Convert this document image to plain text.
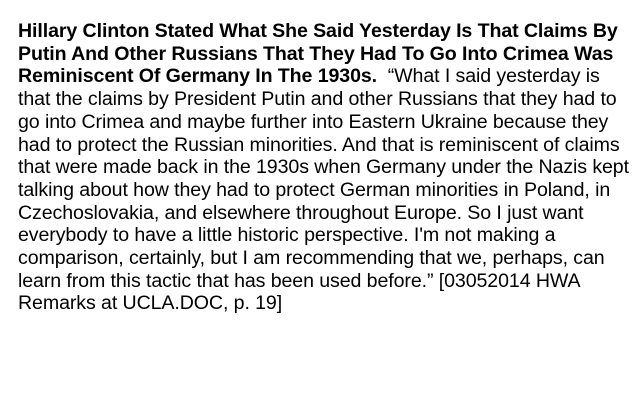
Hillary Clinton Stated What She Said Yesterday Is That Claims By Putin And Other Russians That They Had To Go Into Crimea Was Reminiscent Of Germany In The 1930s. “What I said yesterday is that the claims by President Putin and other Russians that they had to go into Crimea and maybe further into Eastern Ukraine because they had to protect the Russian minorities. And that is reminiscent of claims that were made back in the 1930s when Germany under the Nazis kept talking about how they had to protect German minorities in Poland, in Czechoslovakia, and elsewhere throughout Europe. So I just want everybody to have a little historic perspective. I'm not making a comparison, certainly, but I am recommending that we, perhaps, can learn from this tactic that has been used before.” [03052014 HWA Remarks at UCLA.DOC, p. 19]
